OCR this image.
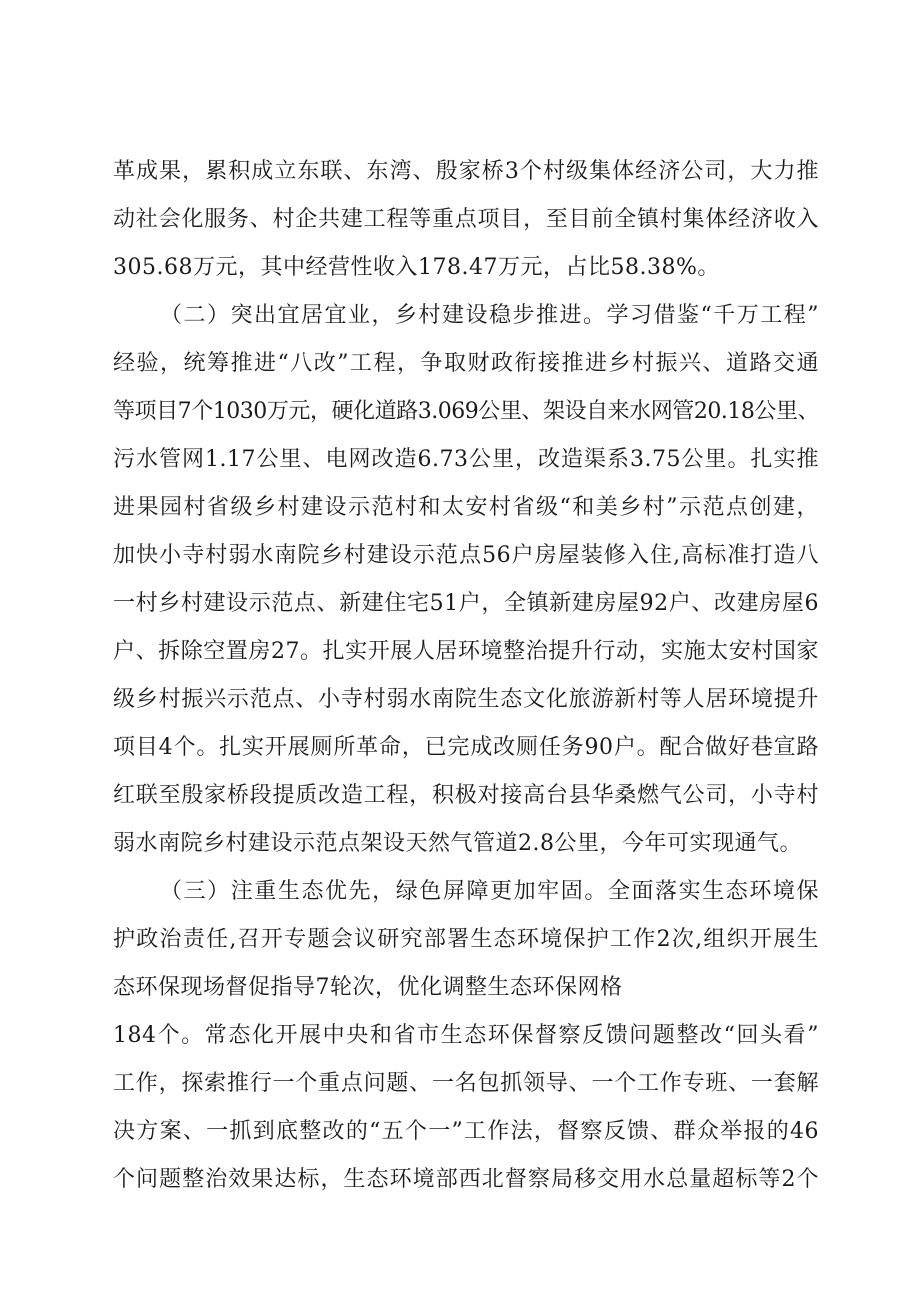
革成果，累积成立东联、东湾、殷家桥3个村级集体经济公司，大力推
动社会化服务、村企共建工程等重点项目，至目前全镇村集体经济收入
305.68万元，其中经营性收入178.47万元，占比58.38%。
（二）突出宜居宜业，乡村建设稳步推进。学习借鉴“千万工程”
经验，统筹推进“八改”工程，争取财政衔接推进乡村振兴、道路交通
等项目7个1030万元，硬化道路3.069公里、架设自来水网管20.18公里、
污水管网1.17公里、电网改造6.73公里，改造渠系3.75公里。扎实推
进果园村省级乡村建设示范村和太安村省级“和美乡村”示范点创建，
加快小寺村弱水南院乡村建设示范点56户房屋装修入住,高标准打造八
一村乡村建设示范点、新建住宅51户，全镇新建房屋92户、改建房屋6
户、拆除空置房27。扎实开展人居环境整治提升行动，实施太安村国家
级乡村振兴示范点、小寺村弱水南院生态文化旅游新村等人居环境提升
项目4个。扎实开展厕所革命，已完成改厕任务90户。配合做好巷宣路
红联至殷家桥段提质改造工程，积极对接高台县华桑燃气公司，小寺村
弱水南院乡村建设示范点架设天然气管道2.8公里，今年可实现通气。
（三）注重生态优先，绿色屏障更加牢固。全面落实生态环境保
护政治责任,召开专题会议研究部署生态环境保护工作2次,组织开展生
态环保现场督促指导7轮次，优化调整生态环保网格
184个。常态化开展中央和省市生态环保督察反馈问题整改“回头看”
工作，探索推行一个重点问题、一名包抓领导、一个工作专班、一套解
决方案、一抓到底整改的“五个一”工作法，督察反馈、群众举报的46
个问题整治效果达标，生态环境部西北督察局移交用水总量超标等2个
